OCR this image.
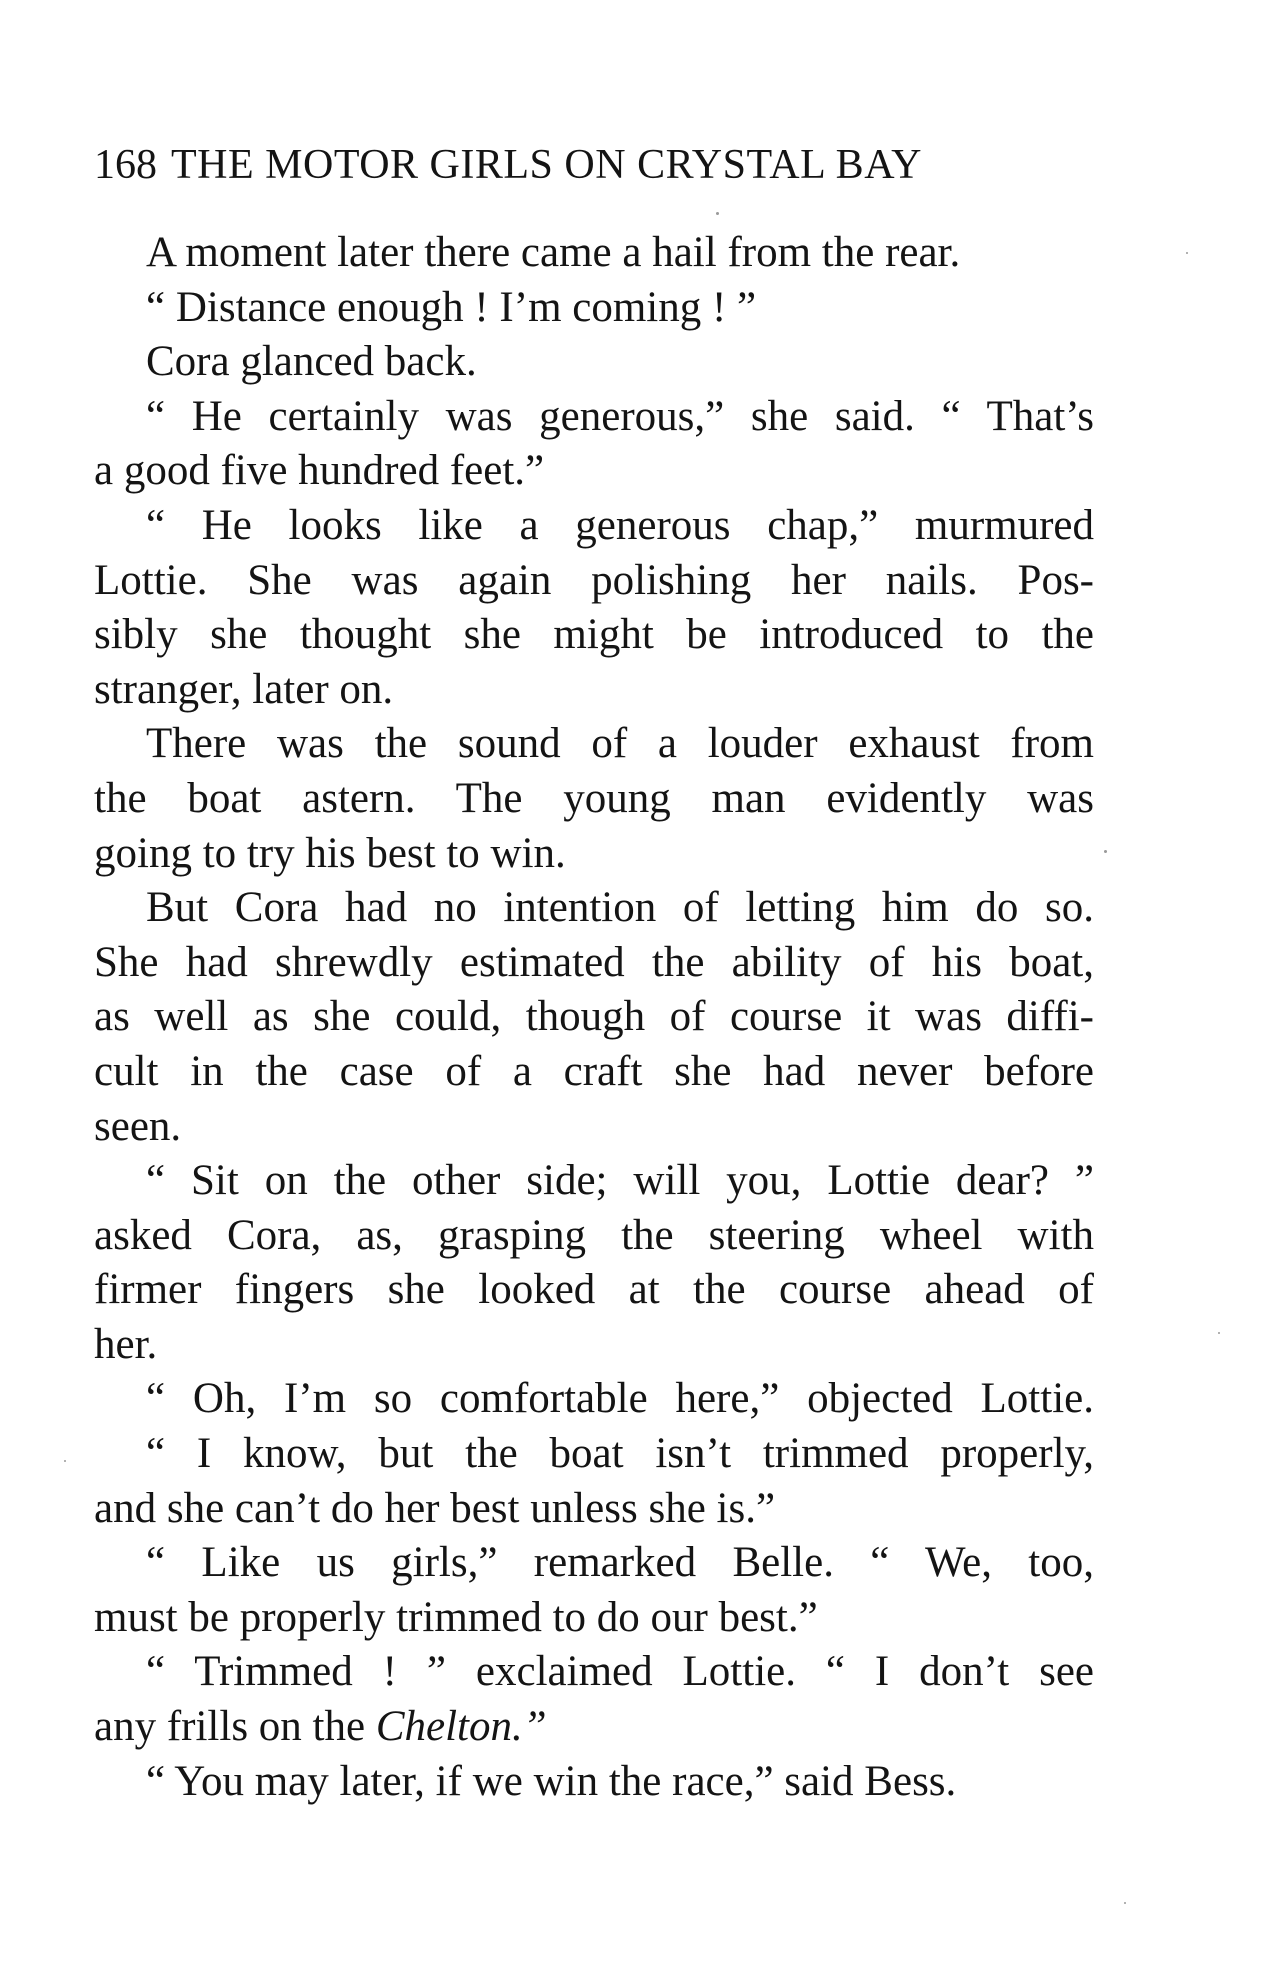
168 THE MOTOR GIRLS ON CRYSTAL BAY
A moment later there came a hail from the rear.
“ Distance enough ! I’m coming ! ”
Cora glanced back.
“ He certainly was generous,” she said. “ That’s
a good five hundred feet.”
“ He looks like a generous chap,” murmured
Lottie. She was again polishing her nails. Pos-
sibly she thought she might be introduced to the
stranger, later on.
There was the sound of a louder exhaust from
the boat astern. The young man evidently was
going to try his best to win.
But Cora had no intention of letting him do so.
She had shrewdly estimated the ability of his boat,
as well as she could, though of course it was diffi-
cult in the case of a craft she had never before
seen.
“ Sit on the other side; will you, Lottie dear? ”
asked Cora, as, grasping the steering wheel with
firmer fingers she looked at the course ahead of
her.
“ Oh, I’m so comfortable here,” objected Lottie.
“ I know, but the boat isn’t trimmed properly,
and she can’t do her best unless she is.”
“ Like us girls,” remarked Belle. “ We, too,
must be properly trimmed to do our best.”
“ Trimmed ! ” exclaimed Lottie. “ I don’t see
any frills on the Chelton.”
“ You may later, if we win the race,” said Bess.
